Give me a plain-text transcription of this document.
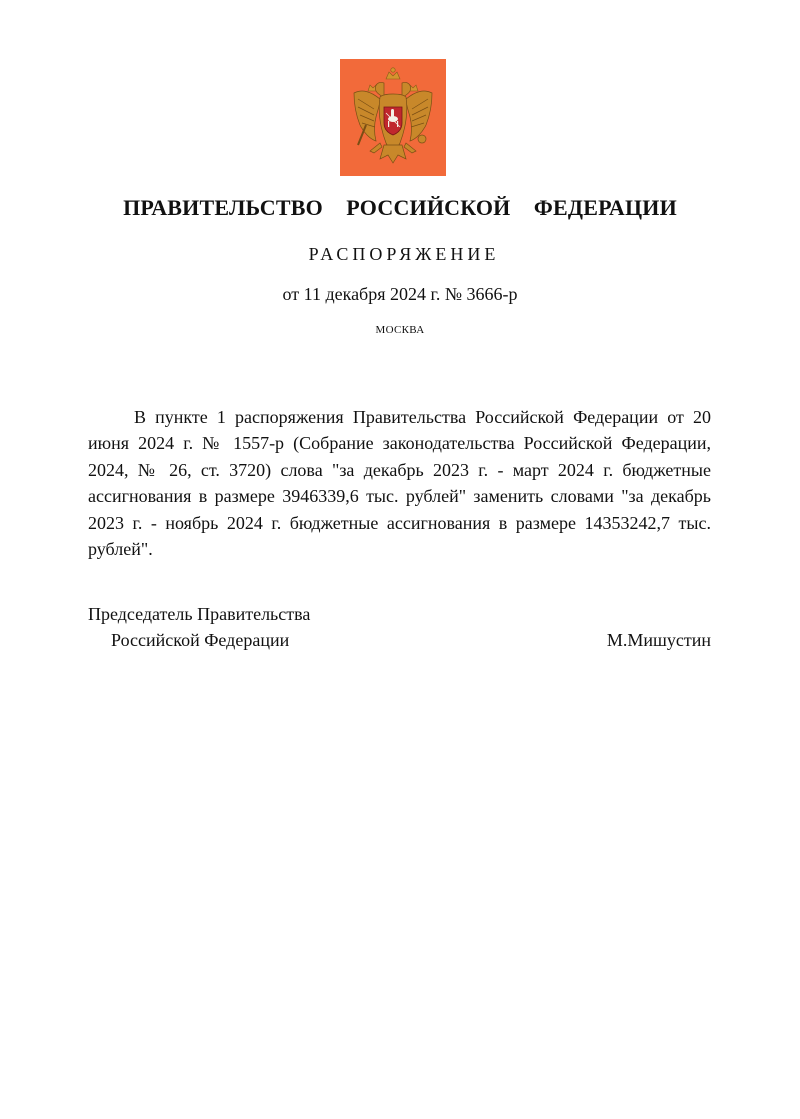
ПРАВИТЕЛЬСТВО  РОССИЙСКОЙ  ФЕДЕРАЦИИ
РАСПОРЯЖЕНИЕ
от 11 декабря 2024 г. № 3666-р
МОСКВА

В пункте 1 распоряжения Правительства Российской Федерации от 20 июня 2024 г. № 1557-р (Собрание законодательства Российской Федерации, 2024, № 26, ст. 3720) слова "за декабрь 2023 г. - март 2024 г. бюджетные ассигнования в размере 3946339,6 тыс. рублей" заменить словами "за декабрь 2023 г. - ноябрь 2024 г. бюджетные ассигнования в размере 14353242,7 тыс. рублей".

Председатель Правительства
Российской Федерации	М.Мишустин
